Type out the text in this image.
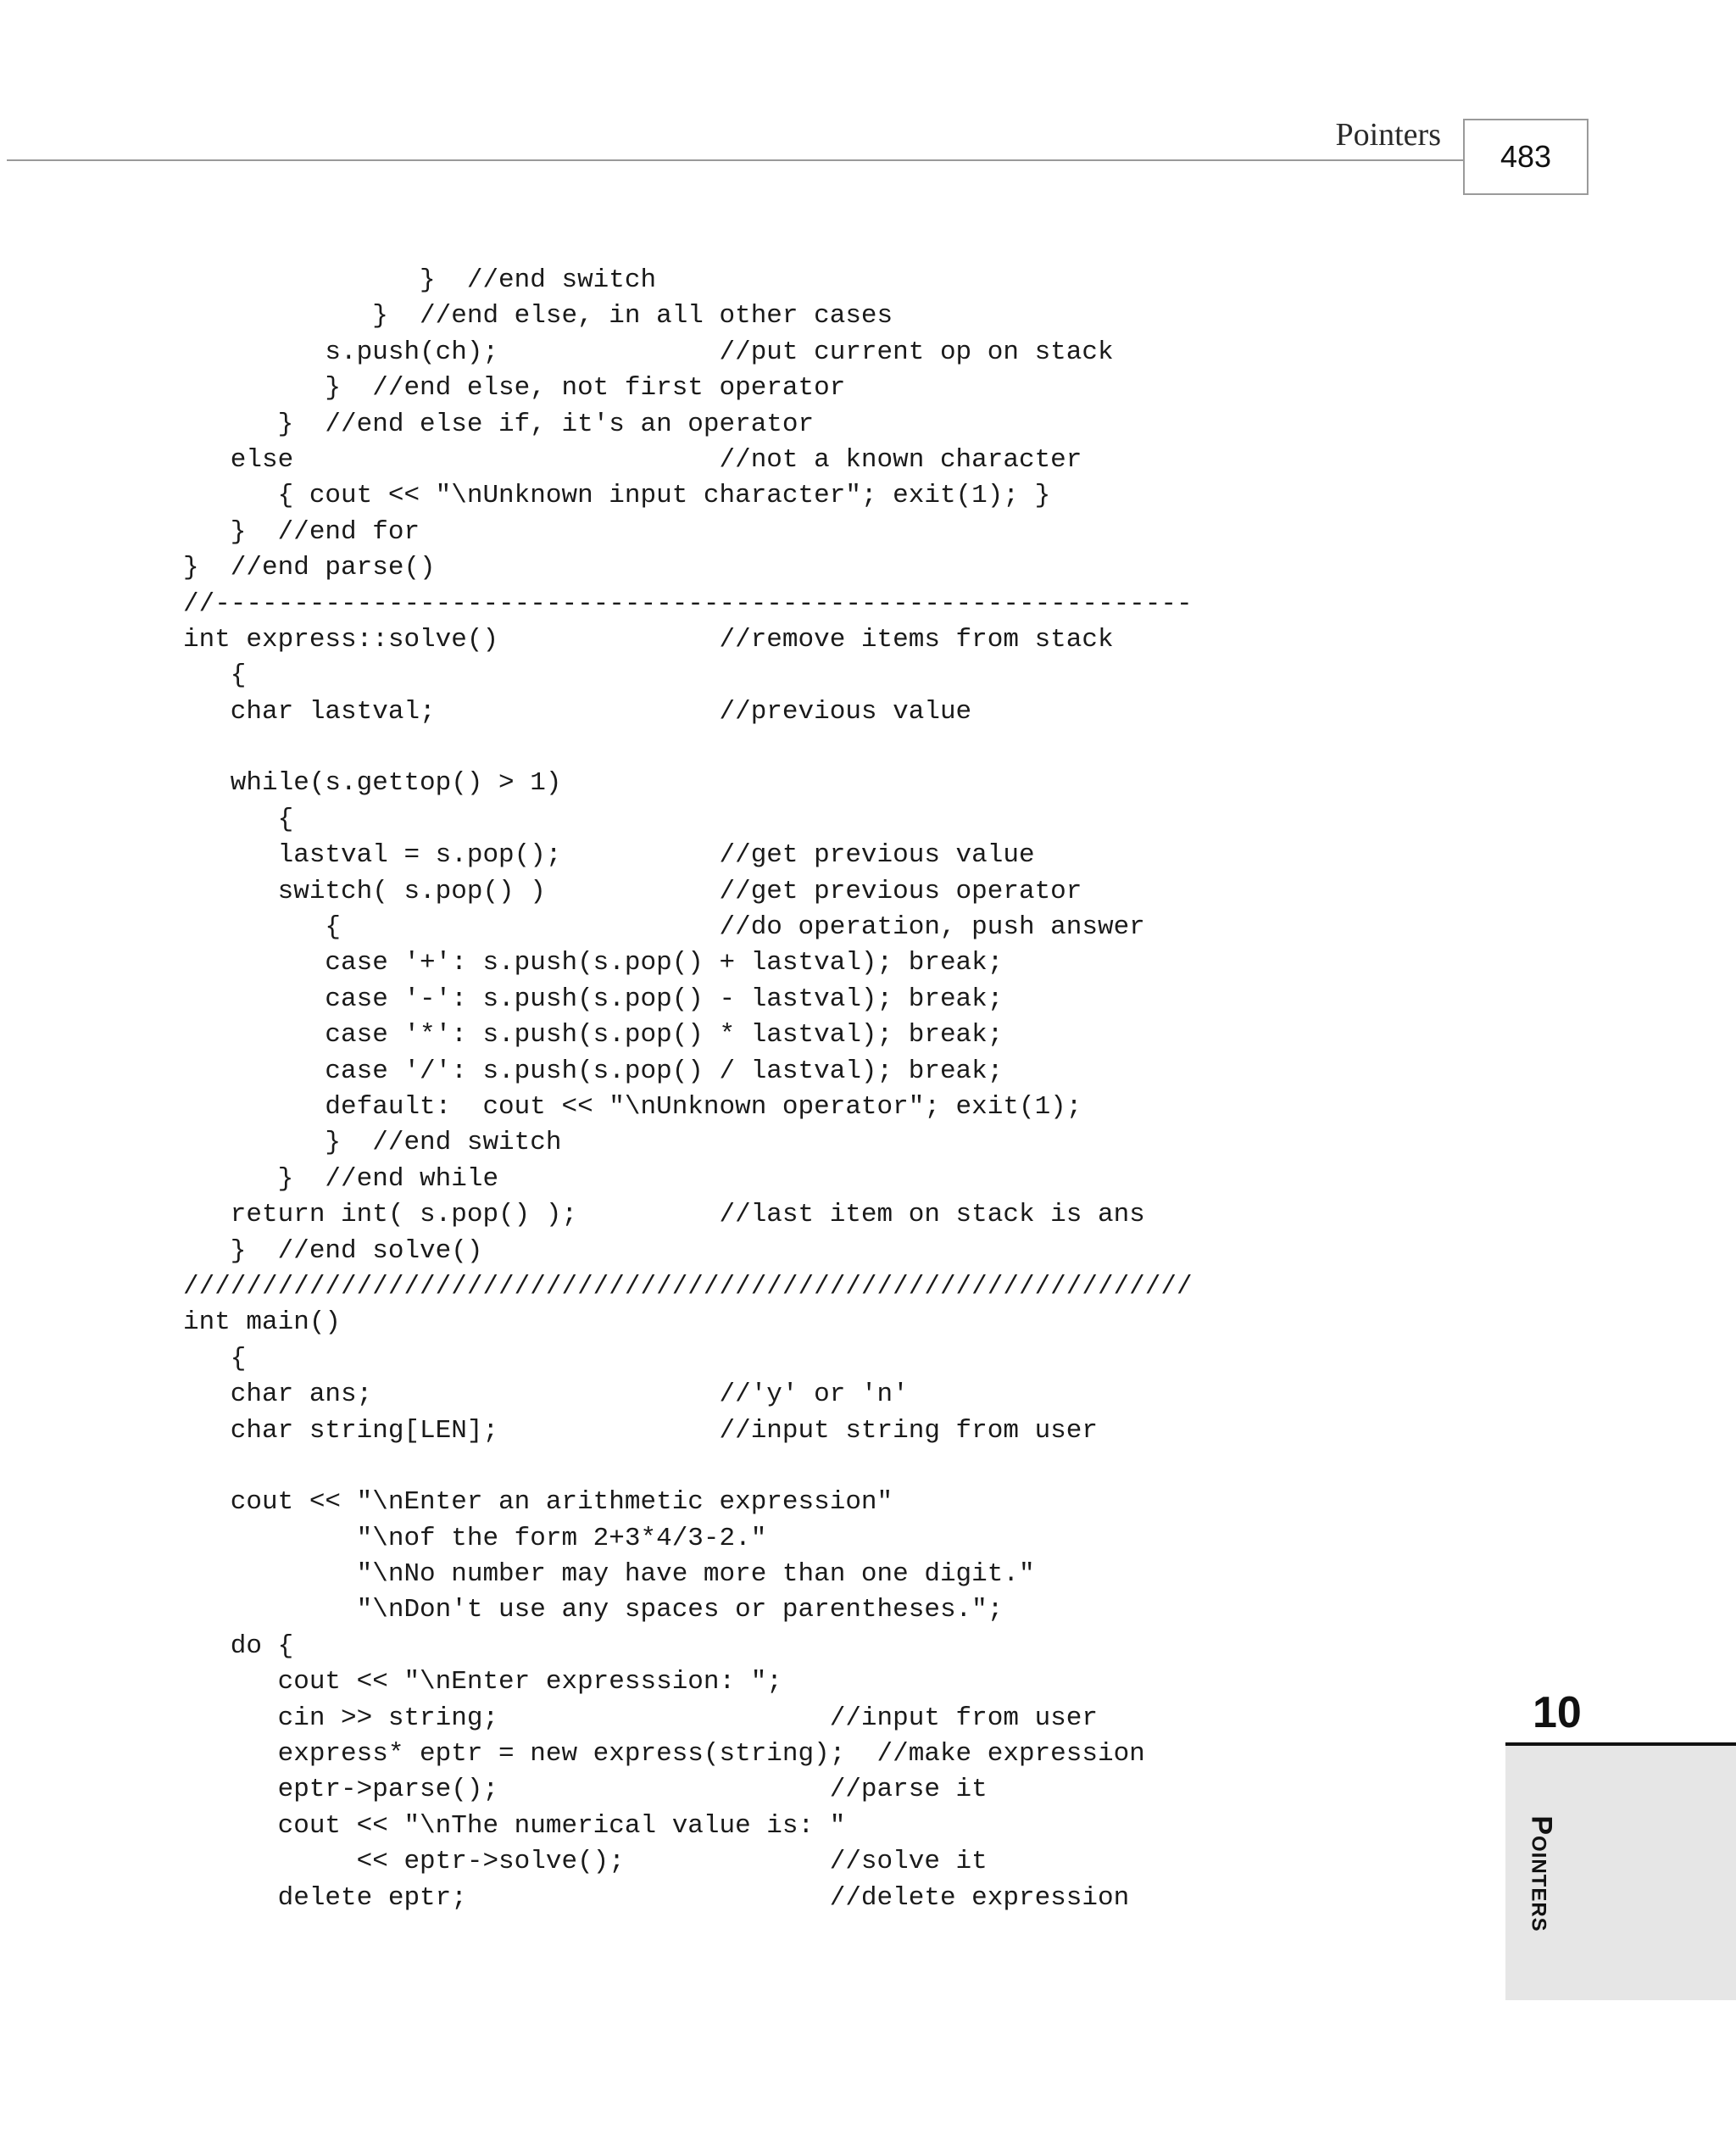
Pointers
483
}  //end switch
}  //end else, in all other cases
s.push(ch);              //put current op on stack
}  //end else, not first operator
}  //end else if, it's an operator
else                           //not a known character
{ cout << "\nUnknown input character"; exit(1); }
}  //end for
}  //end parse()
//--------------------------------------------------------------
int express::solve()              //remove items from stack
{
char lastval;                  //previous value
while(s.gettop() > 1)
{
lastval = s.pop();          //get previous value
switch( s.pop() )           //get previous operator
{                        //do operation, push answer
case '+': s.push(s.pop() + lastval); break;
case '-': s.push(s.pop() - lastval); break;
case '*': s.push(s.pop() * lastval); break;
case '/': s.push(s.pop() / lastval); break;
default:  cout << "\nUnknown operator"; exit(1);
}  //end switch
}  //end while
return int( s.pop() );         //last item on stack is ans
}  //end solve()
////////////////////////////////////////////////////////////////
int main()
{
char ans;                      //'y' or 'n'
char string[LEN];              //input string from user
cout << "\nEnter an arithmetic expression"
"\nof the form 2+3*4/3-2."
"\nNo number may have more than one digit."
"\nDon't use any spaces or parentheses.";
do {
cout << "\nEnter expresssion: ";
cin >> string;                     //input from user
express* eptr = new express(string);  //make expression
eptr->parse();                     //parse it
cout << "\nThe numerical value is: "
<< eptr->solve();             //solve it
delete eptr;                       //delete expression
10
Pointers
